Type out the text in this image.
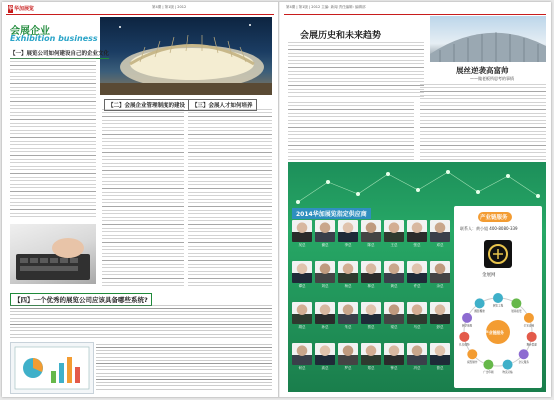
华 华加展览	第4期 | 第1版 | 2012
会展企业
Exhibition business
【一】展览公司如何建设自己的企业文化
【二】会展企业管理制度的建设	【三】会展人才如何培养
【四】一个优秀的展览公司应该具备哪些系统?
第4期 | 第1版 | 2012 主编: 新闻 责任编辑: 编辑部
会展历史和未来趋势
展丝逆袭高富帅
——做老板所思考的事情
2014华加展览指定供应商
吴总	谢总	李总	陈总	王总	张总	邓总
谭总	刘总	杨总	林总	黄总	许总	余总
胡总	孙总	朱总	蔡总	梁总	马总	彭总
何总	高总	罗总	郑总	钟总	冯总	曾总
产业链服务
联系人：黄小姐 400-8080-339
金展网
展览工程
展具租赁
灯光音响
舞台搭建
会议服务
物流运输
广告印刷
模型制作
礼仪模特
展会策划
摄影摄像
产业链服务
